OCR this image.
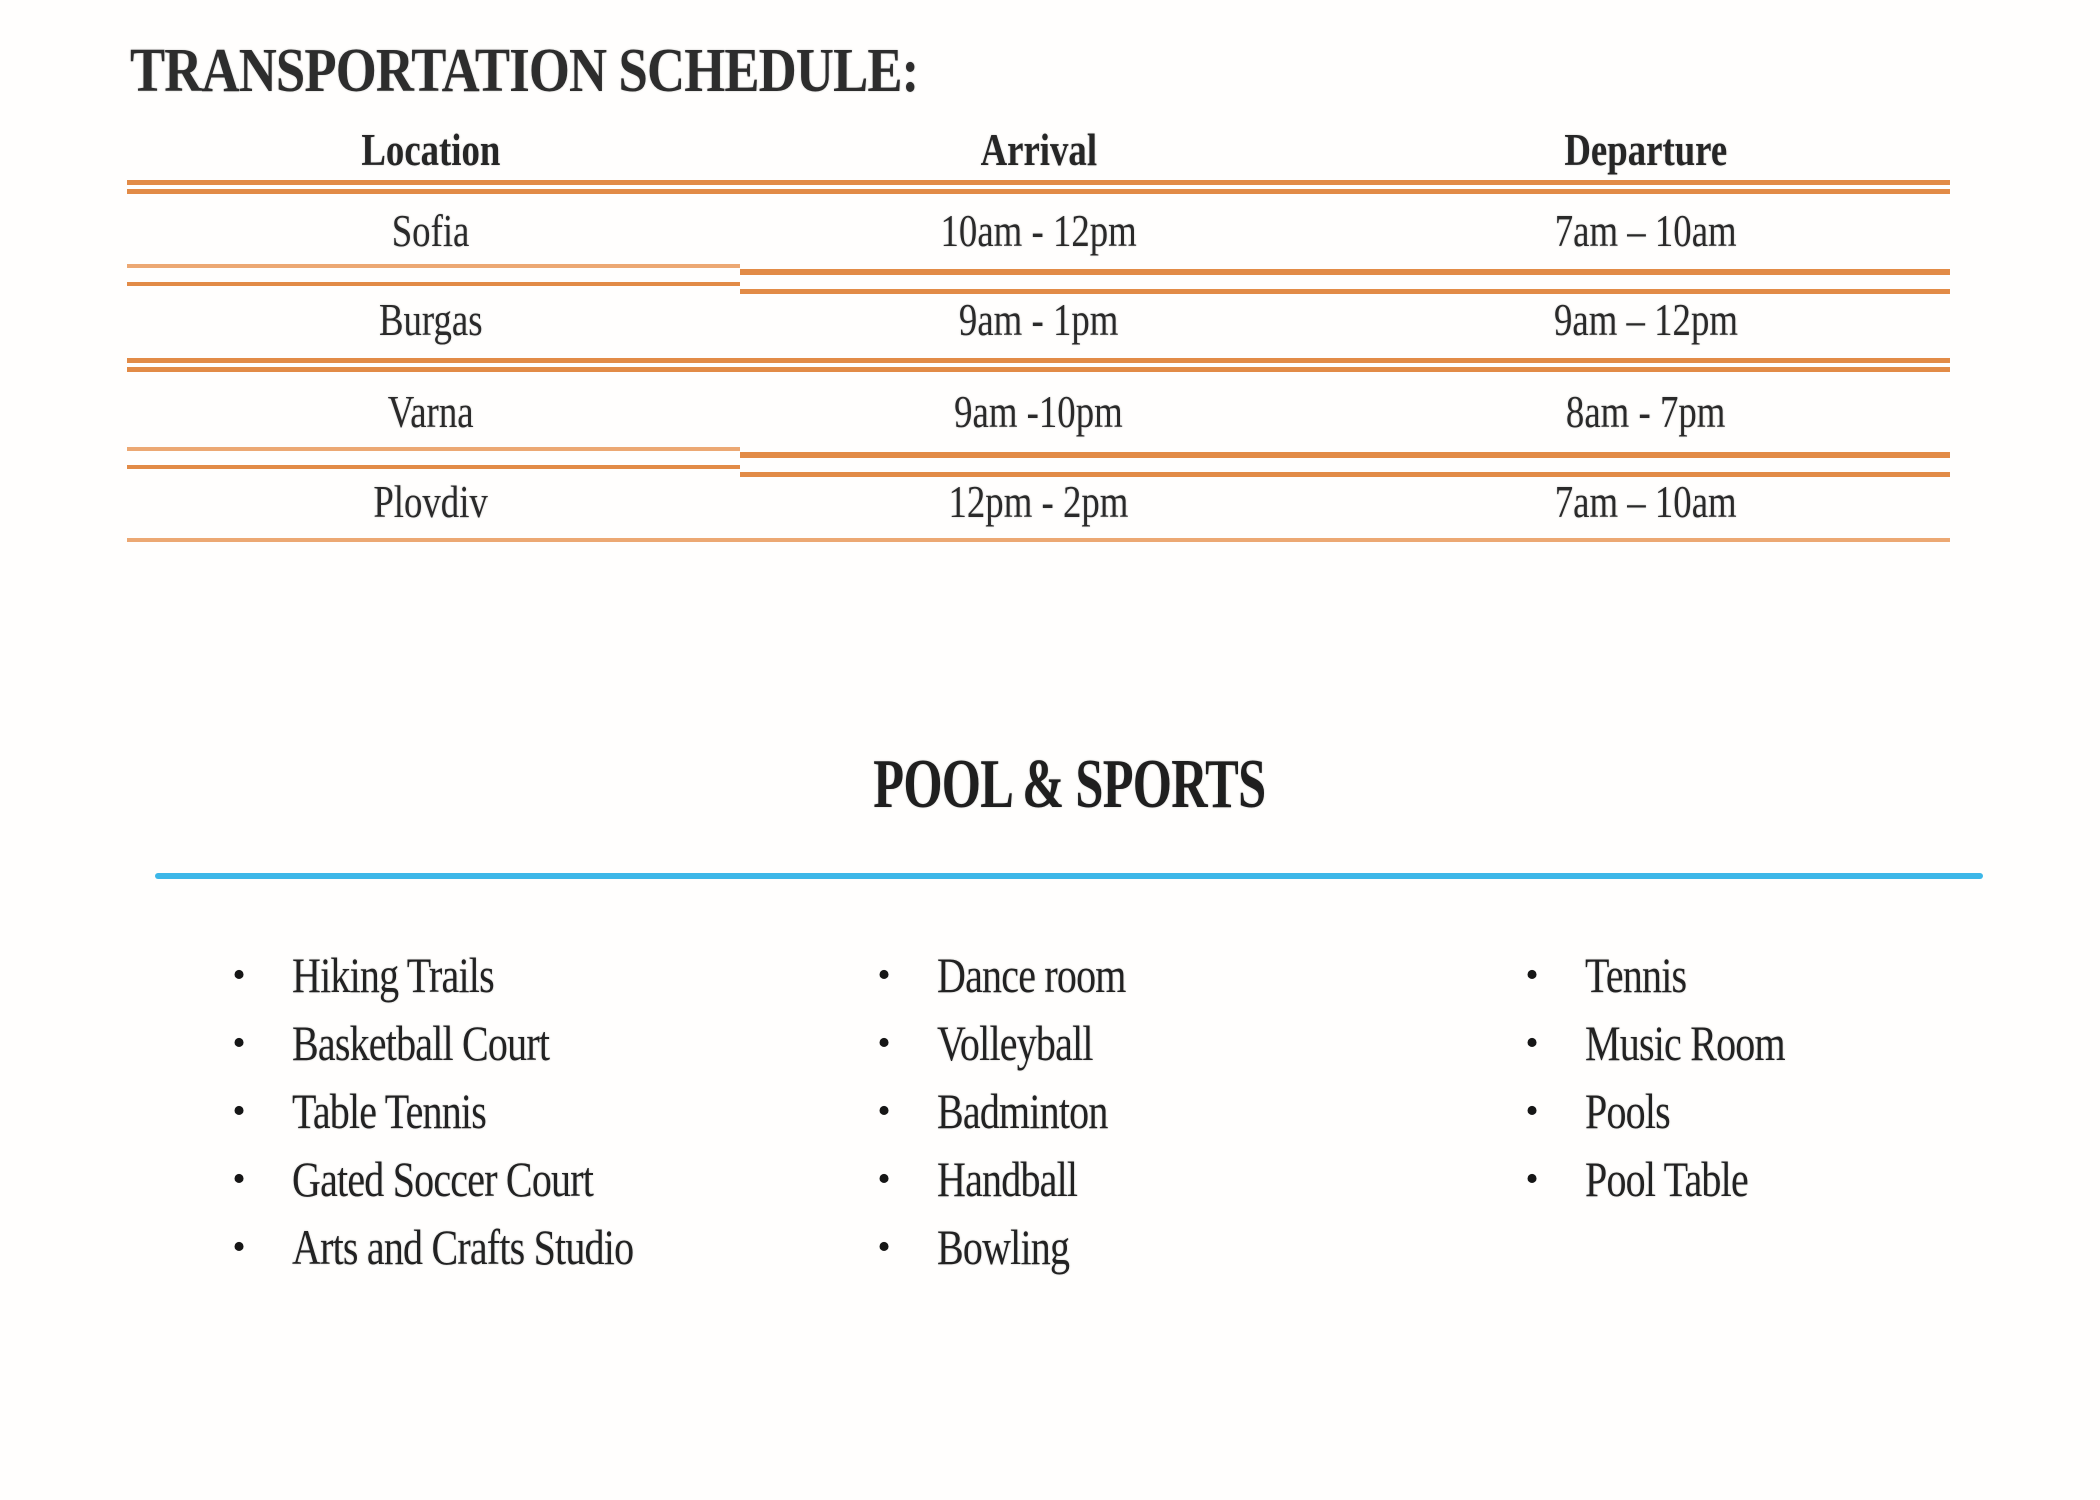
TRANSPORTATION SCHEDULE:
Location	Arrival	Departure
Sofia	10am - 12pm	7am – 10am
Burgas	9am - 1pm	9am – 12pm
Varna	9am -10pm	8am - 7pm
Plovdiv	12pm - 2pm	7am – 10am
POOL & SPORTS
• Hiking Trails
• Basketball Court
• Table Tennis
• Gated Soccer Court
• Arts and Crafts Studio
• Dance room
• Volleyball
• Badminton
• Handball
• Bowling
• Tennis
• Music Room
• Pools
• Pool Table
